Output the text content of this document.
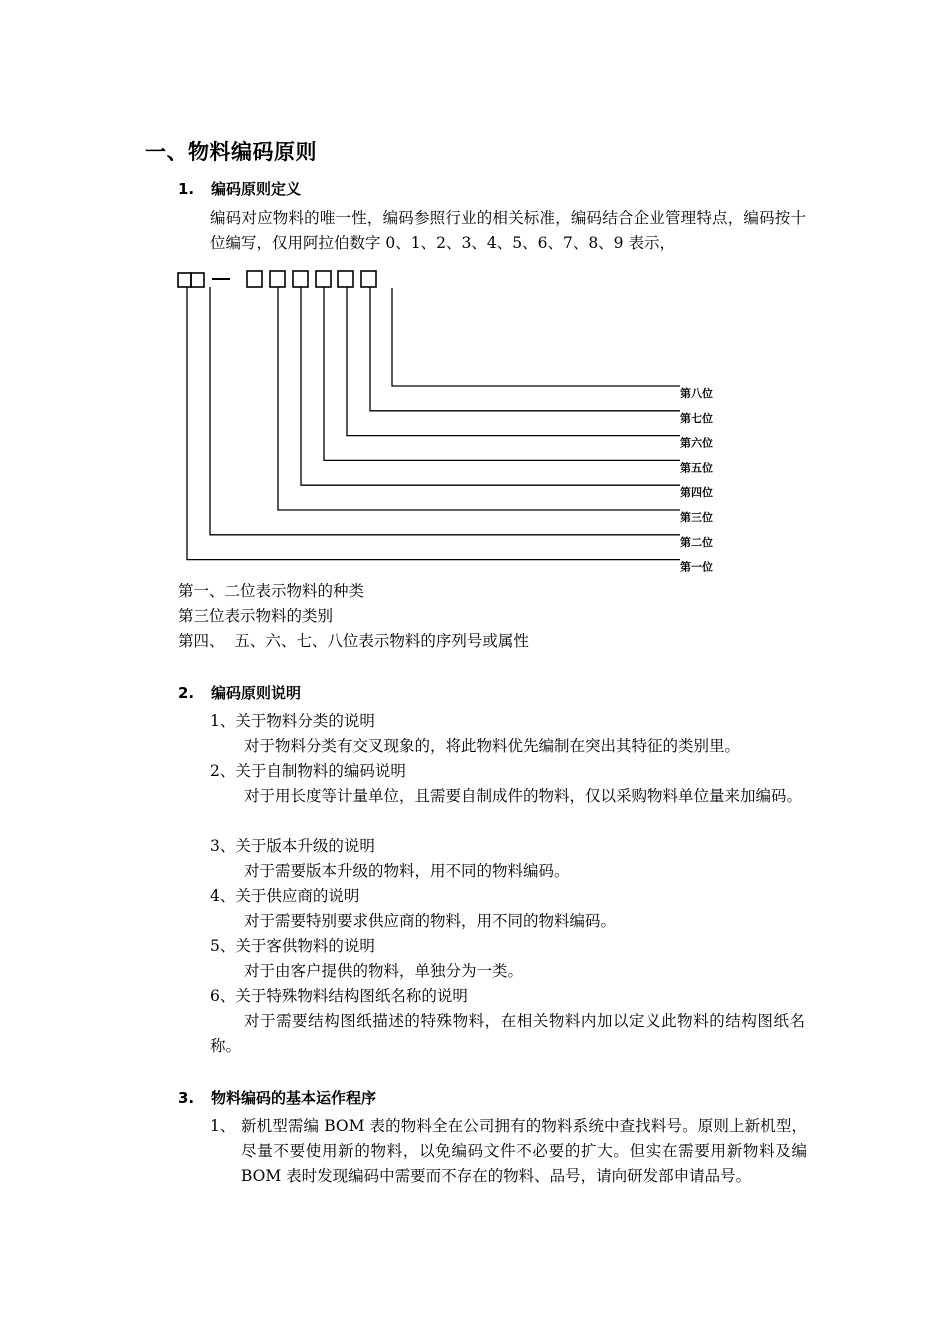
一、物料编码原则
1. 编码原则定义
编码对应物料的唯一性，编码参照行业的相关标准，编码结合企业管理特点，编码按十位编写，仅用阿拉伯数字 0、1、2、3、4、5、6、7、8、9 表示，
第八位
第七位
第六位
第五位
第四位
第三位
第二位
第一位
第一、二位表示物料的种类
第三位表示物料的类别
第四、  五、六、七、八位表示物料的序列号或属性
2. 编码原则说明
1、关于物料分类的说明
对于物料分类有交叉现象的，将此物料优先编制在突出其特征的类别里。
2、关于自制物料的编码说明
对于用长度等计量单位，且需要自制成件的物料，仅以采购物料单位量来加编码。
3、关于版本升级的说明
对于需要版本升级的物料，用不同的物料编码。
4、关于供应商的说明
对于需要特别要求供应商的物料，用不同的物料编码。
5、关于客供物料的说明
对于由客户提供的物料，单独分为一类。
6、关于特殊物料结构图纸名称的说明
对于需要结构图纸描述的特殊物料，在相关物料内加以定义此物料的结构图纸名称。
3. 物料编码的基本运作程序
1、 新机型需编 BOM 表的物料全在公司拥有的物料系统中查找料号。原则上新机型，尽量不要使用新的物料，以免编码文件不必要的扩大。但实在需要用新物料及编 BOM 表时发现编码中需要而不存在的物料、品号，请向研发部申请品号。
